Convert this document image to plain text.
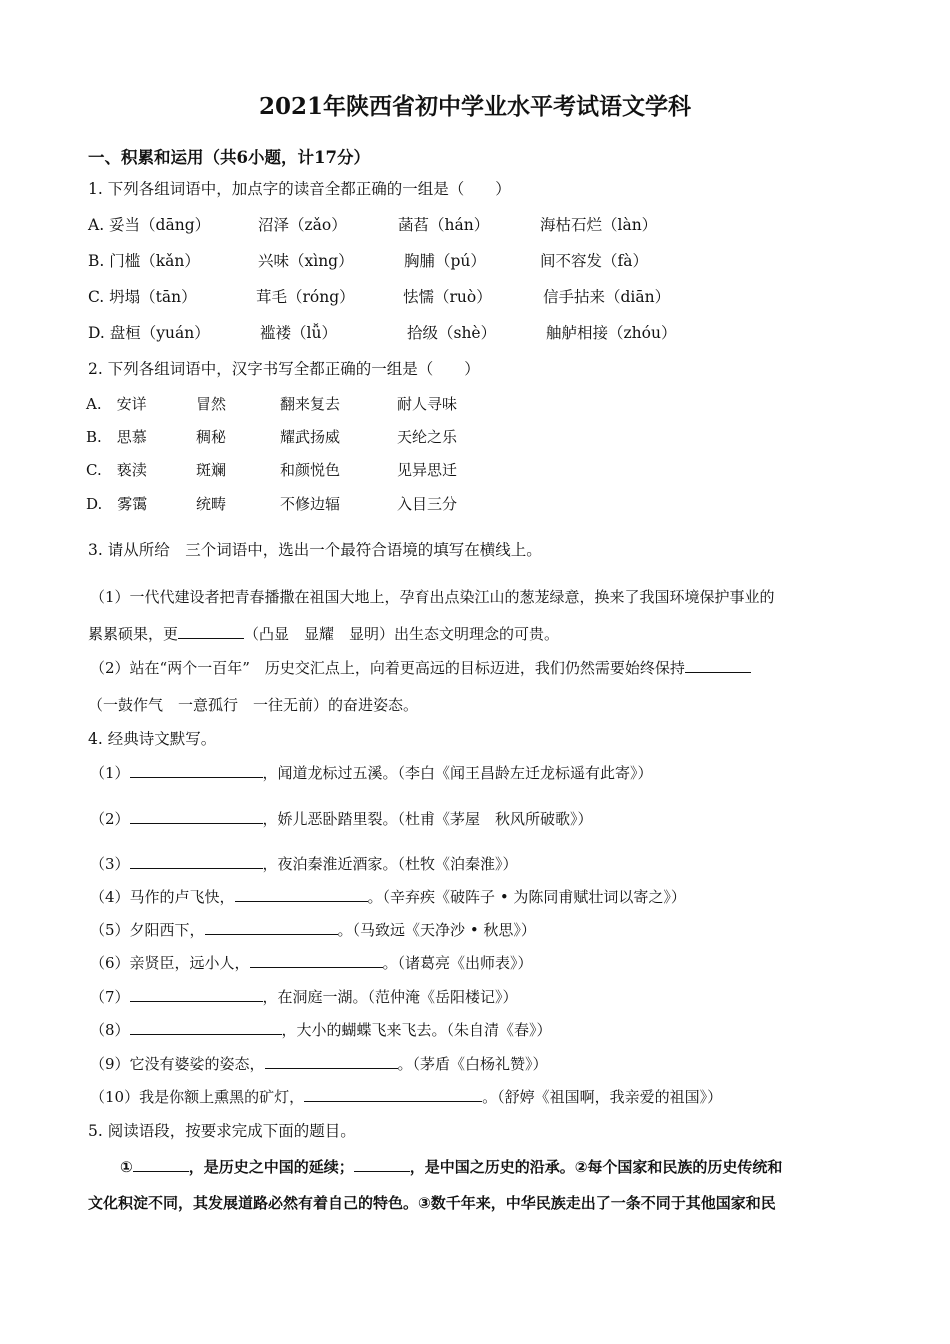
2021年陕西省初中学业水平考试语文学科
一、积累和运用（共6小题，计17分）
1. 下列各组词语中，加点字的读音全都正确的一组是（　　）
A. 妥当（dāng）	沼泽（zǎo）	菡萏（hán）	海枯石烂（làn）
B. 门槛（kǎn）	兴味（xìng）	胸脯（pú）	间不容发（fà）
C. 坍塌（tān）	茸毛（róng）	怯懦（ruò）	信手拈来（diān）
D. 盘桓（yuán）	褴褛（lǚ）	拾级（shè）	舳舻相接（zhóu）
2. 下列各组词语中，汉字书写全都正确的一组是（　　）
A.　安详	冒然	翻来复去	耐人寻味
B.　思慕	稠秘	耀武扬威	天纶之乐
C.　亵渎	斑斓	和颜悦色	见异思迁
D.　雾霭	统畴	不修边辐	入目三分
3. 请从所给　三个词语中，选出一个最符合语境的填写在横线上。
（1）一代代建设者把青春播撒在祖国大地上，孕育出点染江山的葱茏绿意，换来了我国环境保护事业的
累累硕果，更	（凸显　显耀　显明）出生态文明理念的可贵。
（2）站在“两个一百年”　历史交汇点上，向着更高远的目标迈进，我们仍然需要始终保持
（一鼓作气　一意孤行　一往无前）的奋进姿态。
4. 经典诗文默写。
（1）	，闻道龙标过五溪。（李白《闻王昌龄左迁龙标遥有此寄》）
（2）	，娇儿恶卧踏里裂。（杜甫《茅屋　秋风所破歌》）
（3）	，夜泊秦淮近酒家。（杜牧《泊秦淮》）
（4）马作的卢飞快，	。（辛弃疾《破阵子 • 为陈同甫赋壮词以寄之》）
（5）夕阳西下，	。（马致远《天净沙 • 秋思》）
（6）亲贤臣，远小人，	。（诸葛亮《出师表》）
（7）	，在洞庭一湖。（范仲淹《岳阳楼记》）
（8）	，大小的蝴蝶飞来飞去。（朱自清《春》）
（9）它没有婆娑的姿态，	。（茅盾《白杨礼赞》）
（10）我是你额上熏黑的矿灯，	。（舒婷《祖国啊，我亲爱的祖国》）
5. 阅读语段，按要求完成下面的题目。
①	，是历史之中国的延续；	，是中国之历史的沿承。②每个国家和民族的历史传统和
文化积淀不同，其发展道路必然有着自己的特色。③数千年来，中华民族走出了一条不同于其他国家和民
